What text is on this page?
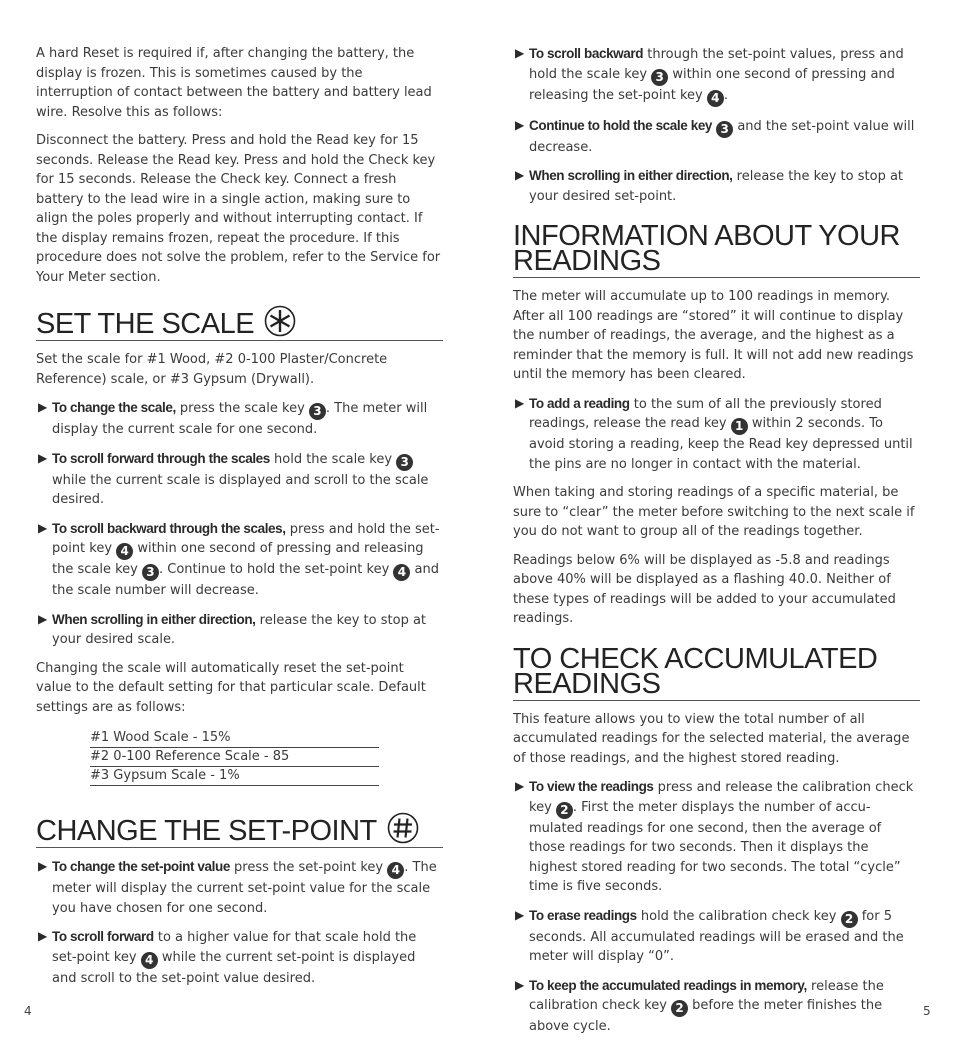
A hard Reset is required if, after changing the battery, the display is frozen. This is sometimes caused by the interruption of contact between the battery and battery lead wire. Resolve this as follows:

Disconnect the battery. Press and hold the Read key for 15 seconds. Release the Read key. Press and hold the Check key for 15 seconds. Release the Check key. Connect a fresh battery to the lead wire in a single action, making sure to align the poles properly and without interrupting contact. If the display remains frozen, repeat the procedure. If this procedure does not solve the problem, refer to the Service for Your Meter section.

SET THE SCALE

Set the scale for #1 Wood, #2 0-100 Plaster/Concrete Reference) scale, or #3 Gypsum (Drywall).

▶ To change the scale, press the scale key 3 . The meter will display the current scale for one second.
▶ To scroll forward through the scales hold the scale key 3 while the current scale is displayed and scroll to the scale desired.
▶ To scroll backward through the scales, press and hold the set-point key 4 within one second of pressing and releasing the scale key 3 . Continue to hold the set-point key 4 and the scale number will decrease.
▶ When scrolling in either direction, release the key to stop at your desired scale.

Changing the scale will automatically reset the set-point value to the default setting for that particular scale. Default settings are as follows:

#1 Wood Scale - 15%
#2 0-100 Reference Scale - 85
#3 Gypsum Scale - 1%
CHANGE THE SET-POINT
▶ To change the set-point value press the set-point key 4 . The meter will display the current set-point value for the scale you have chosen for one second.
▶ To scroll forward to a higher value for that scale hold the set-point key 4 while the current set-point is displayed and scroll to the set-point value desired.
▶ To scroll backward through the set-point values, press and hold the scale key 3 within one second of pressing and releasing the set-point key 4 .
▶ Continue to hold the scale key 3 and the set-point value will decrease.
▶ When scrolling in either direction, release the key to stop at your desired set-point.
INFORMATION ABOUT YOUR
READINGS

The meter will accumulate up to 100 readings in memory. After all 100 readings are “stored” it will continue to display the number of readings, the average, and the highest as a reminder that the memory is full. It will not add new readings until the memory has been cleared.

▶ To add a reading to the sum of all the previously stored readings, release the read key 1 within 2 seconds. To avoid storing a reading, keep the Read key depressed until the pins are no longer in contact with the material.

When taking and storing readings of a specific material, be sure to “clear” the meter before switching to the next scale if you do not want to group all of the readings together.

Readings below 6% will be displayed as -5.8 and readings above 40% will be displayed as a flashing 40.0. Neither of these types of readings will be added to your accumulated readings.

TO CHECK ACCUMULATED
READINGS

This feature allows you to view the total number of all accumulated readings for the selected material, the average of those readings, and the highest stored reading.

▶ To view the readings press and release the calibration check key 2 . First the meter displays the number of accu-mulated readings for one second, then the average of those readings for two seconds. Then it displays the highest stored reading for two seconds. The total “cycle” time is five seconds.
▶ To erase readings hold the calibration check key 2 for 5 seconds. All accumulated readings will be erased and the meter will display “0”.
▶ To keep the accumulated readings in memory, release the calibration check key 2 before the meter finishes the above cycle.
4	5
